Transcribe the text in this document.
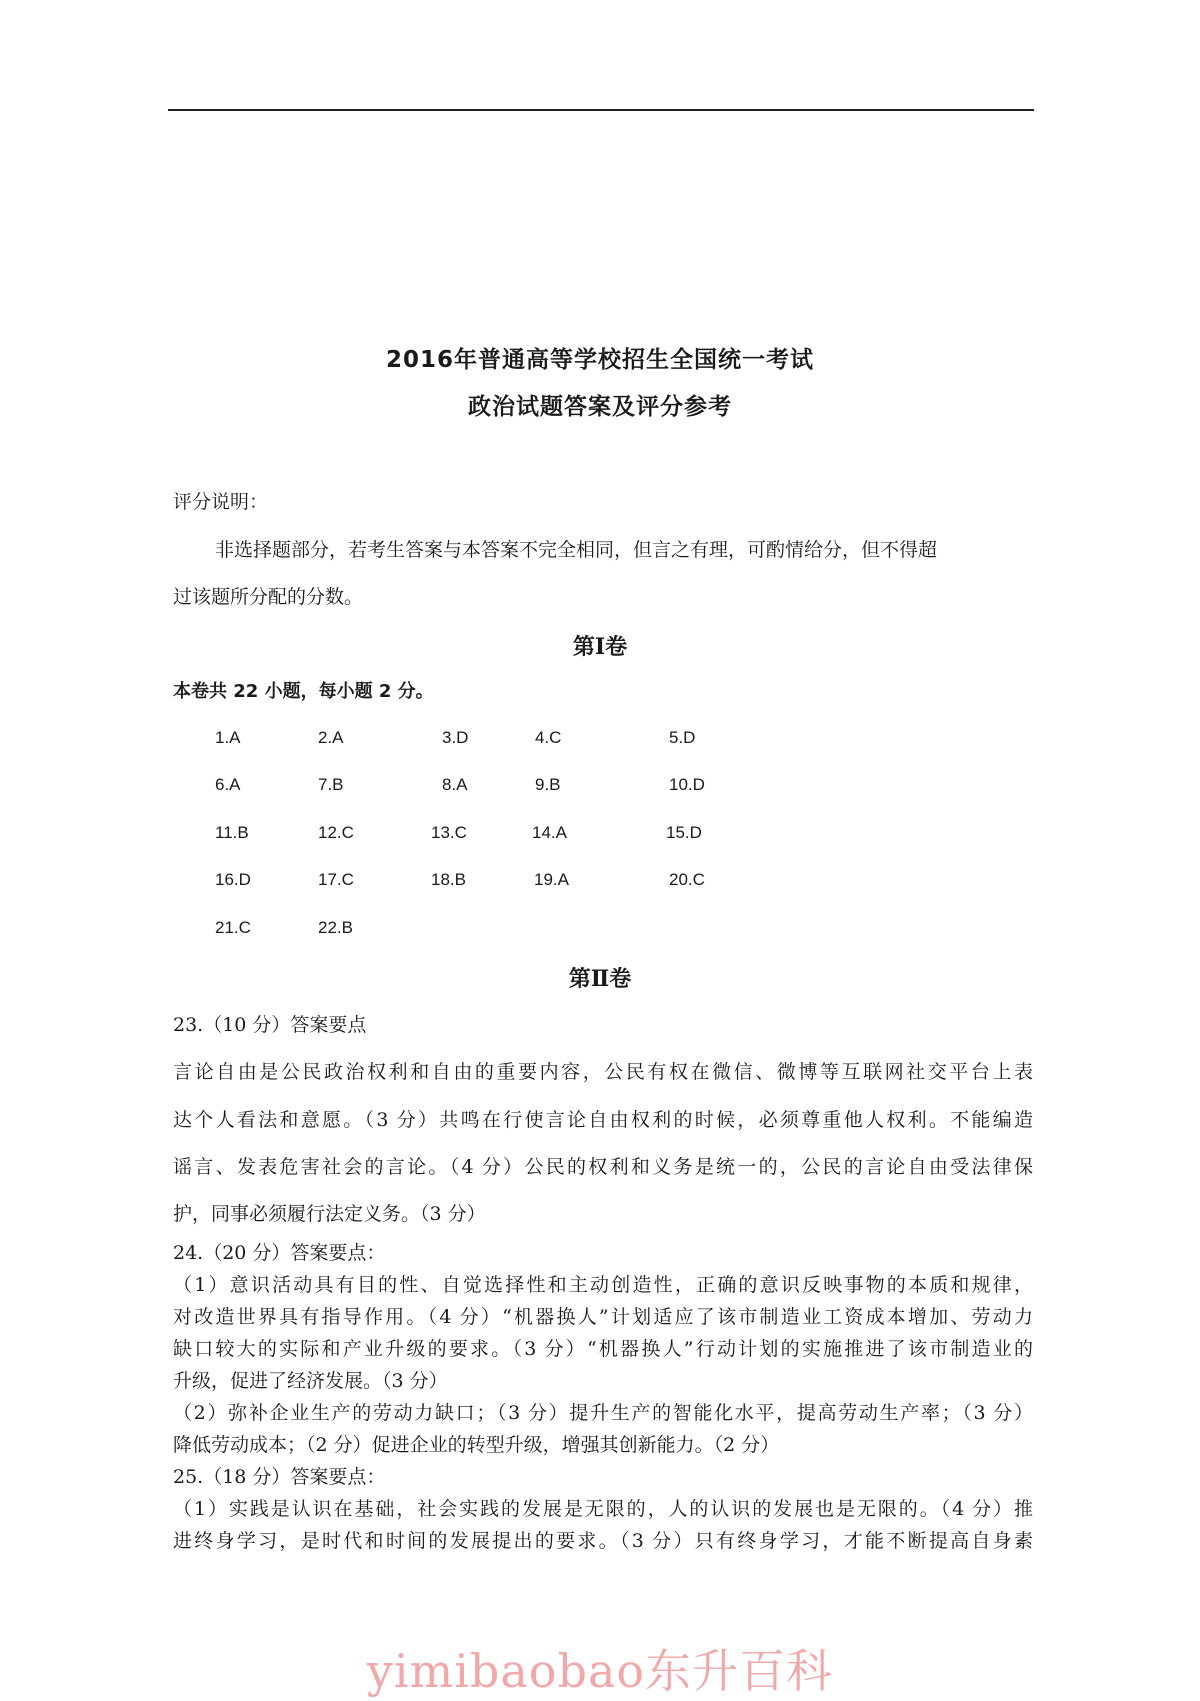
2016年普通高等学校招生全国统一考试
政治试题答案及评分参考
评分说明：
非选择题部分，若考生答案与本答案不完全相同，但言之有理，可酌情给分，但不得超
过该题所分配的分数。
第Ⅰ卷
本卷共 22 小题，每小题 2 分。
1.A	2.A	3.D	4.C	5.D
6.A	7.B	8.A	9.B	10.D
11.B	12.C	13.C	14.A	15.D
16.D	17.C	18.B	19.A	20.C
21.C	22.B
第Ⅱ卷
23.（10 分）答案要点
言论自由是公民政治权利和自由的重要内容，公民有权在微信、微博等互联网社交平台上表
达个人看法和意愿。（3 分）共鸣在行使言论自由权利的时候，必须尊重他人权利。不能编造
谣言、发表危害社会的言论。（4 分）公民的权利和义务是统一的，公民的言论自由受法律保
护，同事必须履行法定义务。（3 分）
24.（20 分）答案要点：
（1）意识活动具有目的性、自觉选择性和主动创造性，正确的意识反映事物的本质和规律，
对改造世界具有指导作用。（4 分）“机器换人”计划适应了该市制造业工资成本增加、劳动力
缺口较大的实际和产业升级的要求。（3 分）“机器换人”行动计划的实施推进了该市制造业的
升级，促进了经济发展。（3 分）
（2）弥补企业生产的劳动力缺口；（3 分）提升生产的智能化水平，提高劳动生产率；（3 分）
降低劳动成本；（2 分）促进企业的转型升级，增强其创新能力。（2 分）
25.（18 分）答案要点：
（1）实践是认识在基础，社会实践的发展是无限的，人的认识的发展也是无限的。（4 分）推
进终身学习，是时代和时间的发展提出的要求。（3 分）只有终身学习，才能不断提高自身素
yimibaobao东升百科
